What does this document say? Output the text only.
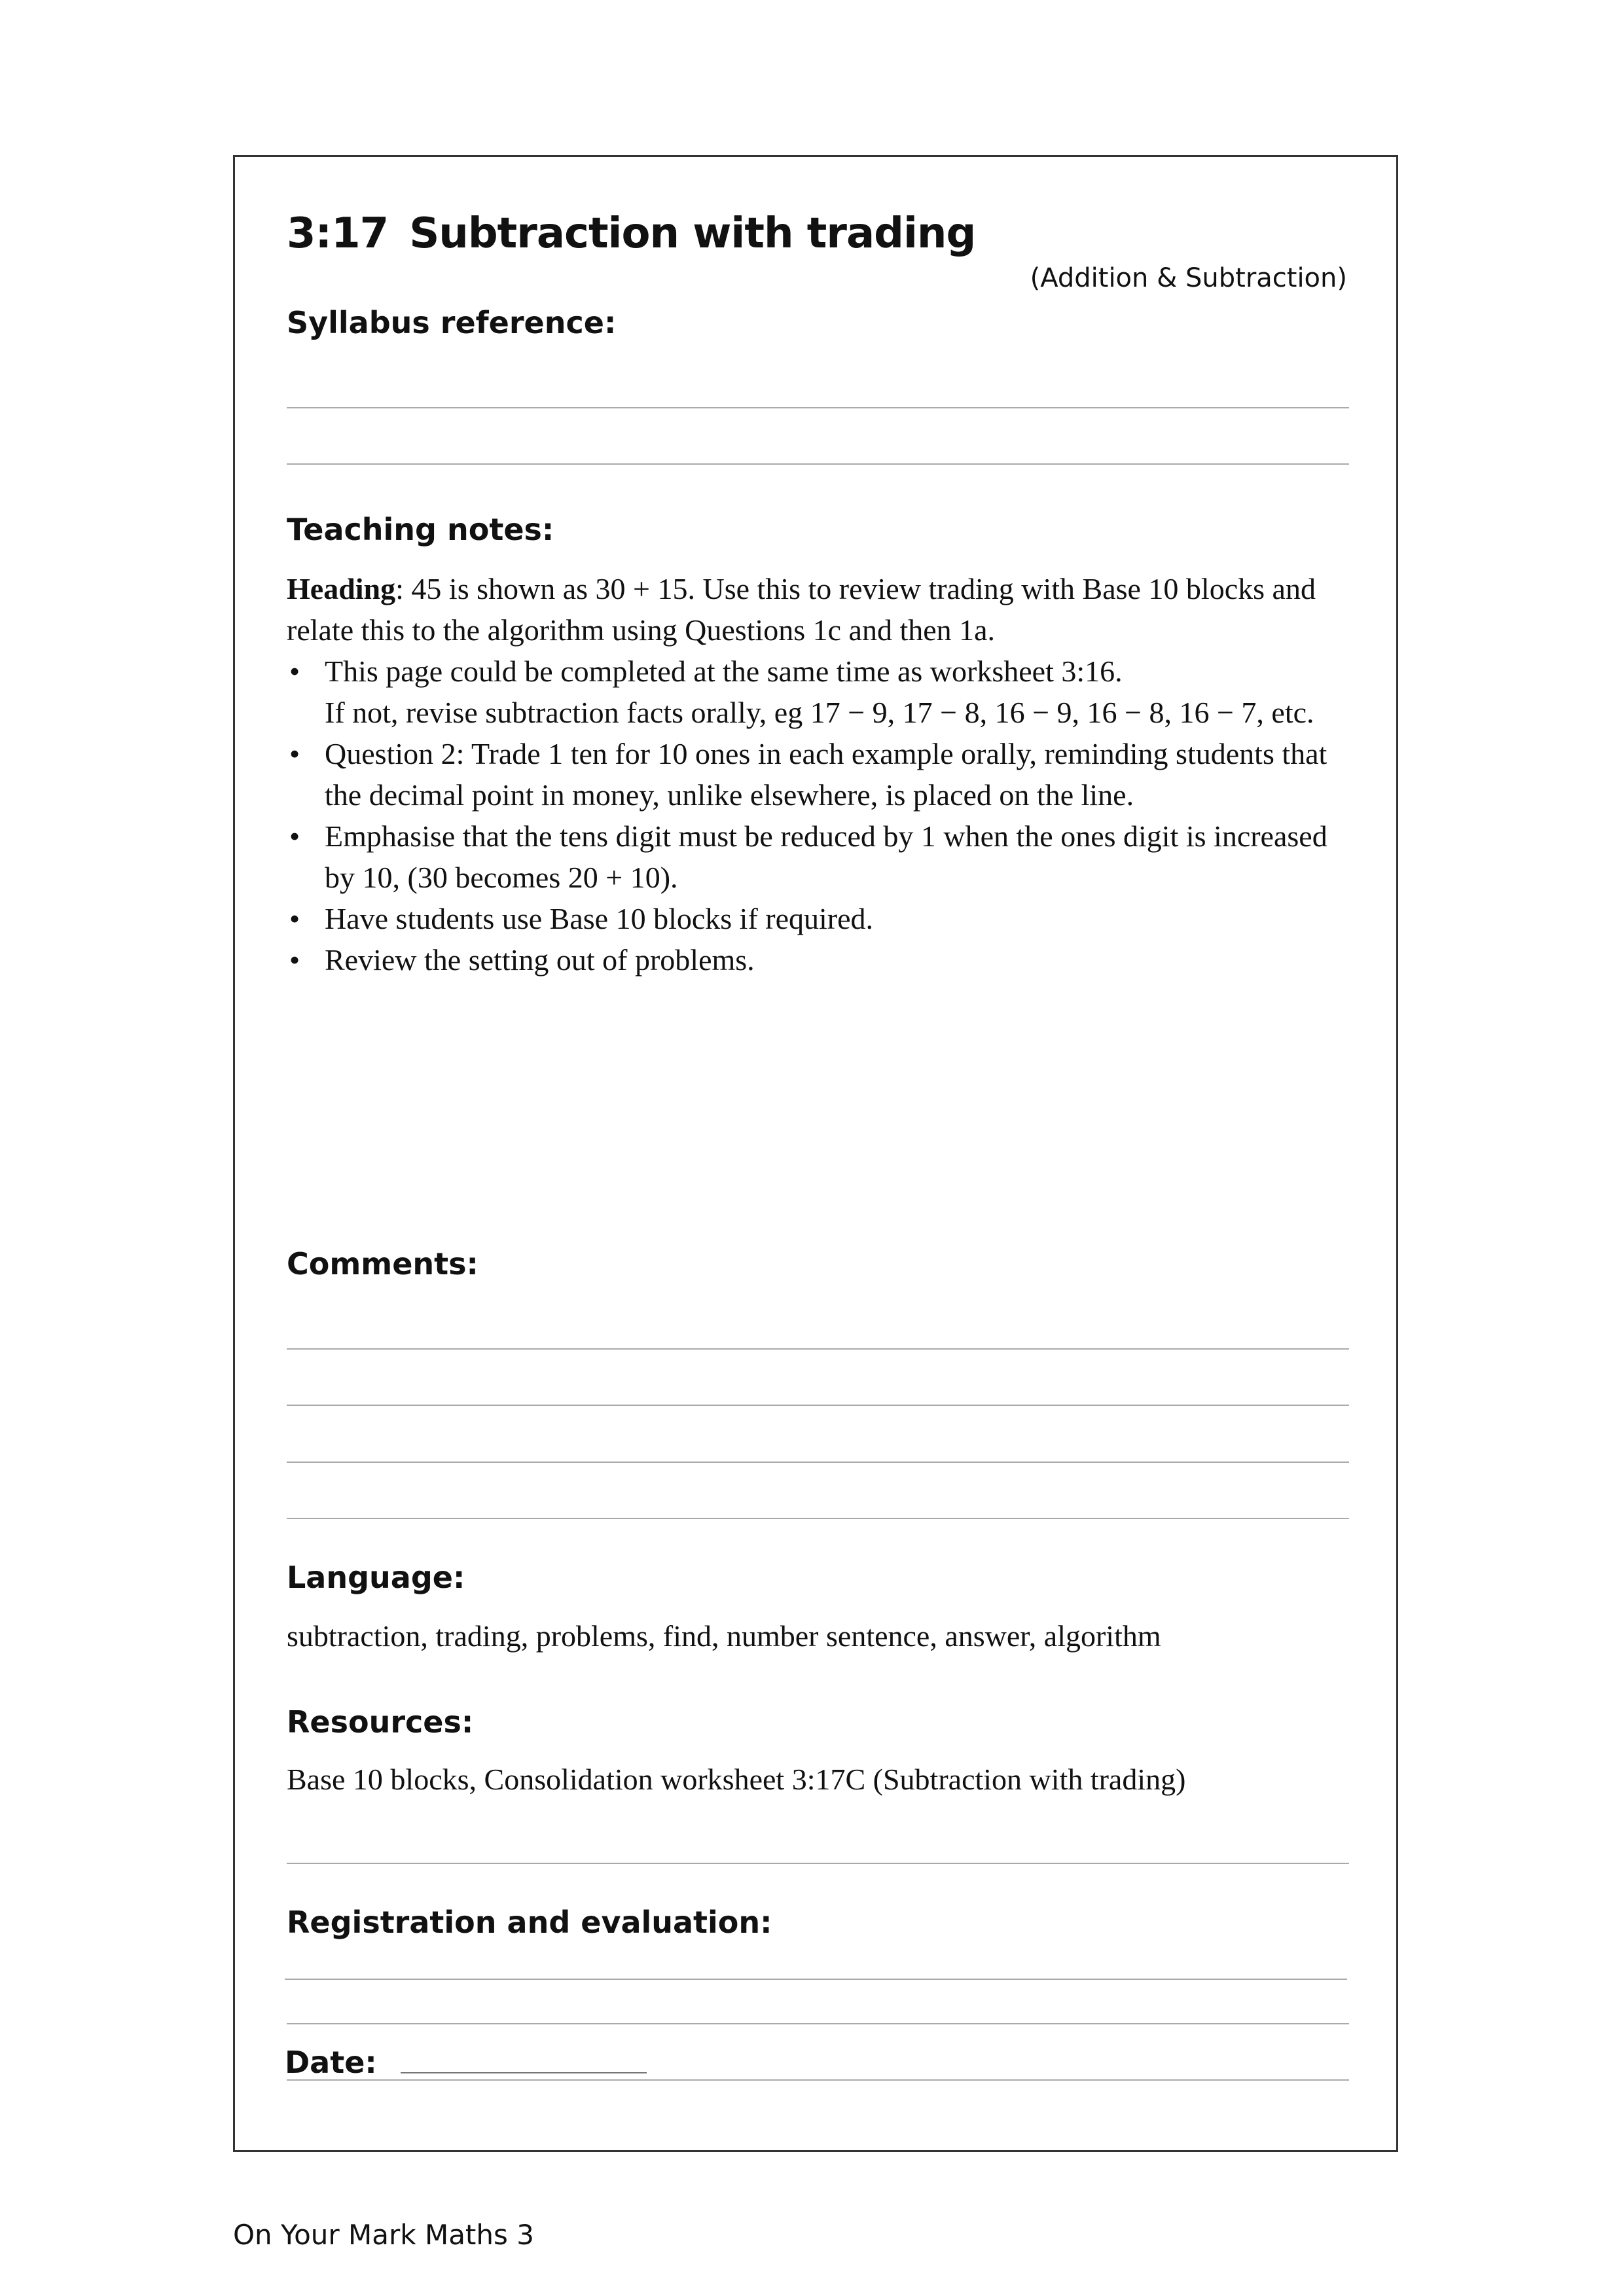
3:17 Subtraction with trading
(Addition & Subtraction)
Syllabus reference:
Teaching notes:

Heading: 45 is shown as 30 + 15. Use this to review trading with Base 10 blocks and relate this to the algorithm using Questions 1c and then 1a.

• This page could be completed at the same time as worksheet 3:16.
If not, revise subtraction facts orally, eg 17 − 9, 17 − 8, 16 − 9, 16 − 8, 16 − 7, etc.
• Question 2: Trade 1 ten for 10 ones in each example orally, reminding students that the decimal point in money, unlike elsewhere, is placed on the line.
• Emphasise that the tens digit must be reduced by 1 when the ones digit is increased by 10, (30 becomes 20 + 10).
• Have students use Base 10 blocks if required.
• Review the setting out of problems.
Comments:
Language:
subtraction, trading, problems, find, number sentence, answer, algorithm
Resources:
Base 10 blocks, Consolidation worksheet 3:17C (Subtraction with trading)
Registration and evaluation:
Date:
On Your Mark Maths 3
